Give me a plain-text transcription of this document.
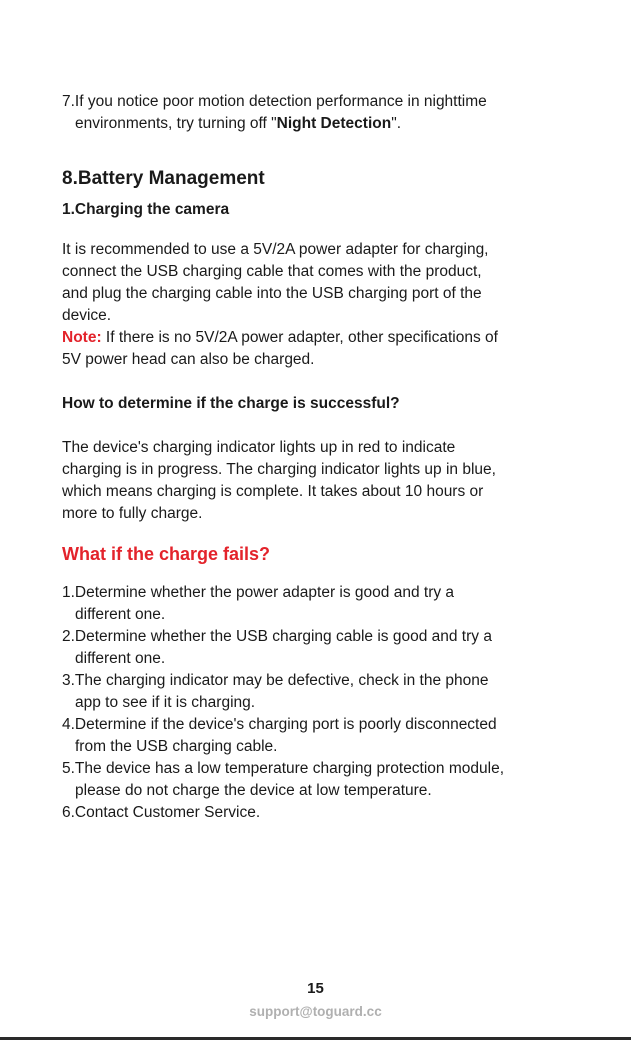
7.If you notice poor motion detection performance in nighttime
environments, try turning off "Night Detection".
8.Battery Management
1.Charging the camera
It is recommended to use a 5V/2A power adapter for charging,
connect the USB charging cable that comes with the product,
and plug the charging cable into the USB charging port of the
device.
Note: If there is no 5V/2A power adapter, other specifications of
5V power head can also be charged.
How to determine if the charge is successful?
The device's charging indicator lights up in red to indicate
charging is in progress. The charging indicator lights up in blue,
which means charging is complete. It takes about 10 hours or
more to fully charge.
What if the charge fails?
1.Determine whether the power adapter is good and try a
different one.
2.Determine whether the USB charging cable is good and try a
different one.
3.The charging indicator may be defective, check in the phone
app to see if it is charging.
4.Determine if the device's charging port is poorly disconnected
from the USB charging cable.
5.The device has a low temperature charging protection module,
please do not charge the device at low temperature.
6.Contact Customer Service.
15
support@toguard.cc
